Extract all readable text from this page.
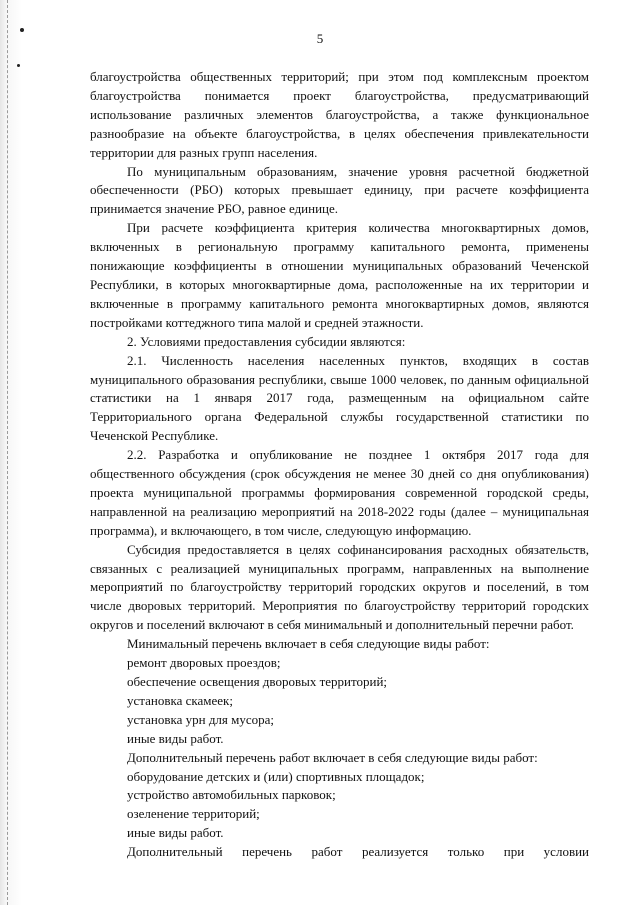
5

благоустройства общественных территорий; при этом под комплексным проектом благоустройства понимается проект благоустройства, предусматривающий использование различных элементов благоустройства, а также функциональное разнообразие на объекте благоустройства, в целях обеспечения привлекательности территории для разных групп населения.

По муниципальным образованиям, значение уровня расчетной бюджетной обеспеченности (РБО) которых превышает единицу, при расчете коэффициента принимается значение РБО, равное единице.

При расчете коэффициента критерия количества многоквартирных домов, включенных в региональную программу капитального ремонта, применены понижающие коэффициенты в отношении муниципальных образований Чеченской Республики, в которых многоквартирные дома, расположенные на их территории и включенные в программу капитального ремонта многоквартирных домов, являются постройками коттеджного типа малой и средней этажности.

2. Условиями предоставления субсидии являются:

2.1. Численность населения населенных пунктов, входящих в состав муниципального образования республики, свыше 1000 человек, по данным официальной статистики на 1 января 2017 года, размещенным на официальном сайте Территориального органа Федеральной службы государственной статистики по Чеченской Республике.

2.2. Разработка и опубликование не позднее 1 октября 2017 года для общественного обсуждения (срок обсуждения не менее 30 дней со дня опубликования) проекта муниципальной программы формирования современной городской среды, направленной на реализацию мероприятий на 2018-2022 годы (далее – муниципальная программа), и включающего, в том числе, следующую информацию.

Субсидия предоставляется в целях софинансирования расходных обязательств, связанных с реализацией муниципальных программ, направленных на выполнение мероприятий по благоустройству территорий городских округов и поселений, в том числе дворовых территорий. Мероприятия по благоустройству территорий городских округов и поселений включают в себя минимальный и дополнительный перечни работ.

Минимальный перечень включает в себя следующие виды работ:
ремонт дворовых проездов;
обеспечение освещения дворовых территорий;
установка скамеек;
установка урн для мусора;
иные виды работ.
Дополнительный перечень работ включает в себя следующие виды работ:
оборудование детских и (или) спортивных площадок;
устройство автомобильных парковок;
озеленение территорий;
иные виды работ.

Дополнительный перечень работ реализуется только при условии
